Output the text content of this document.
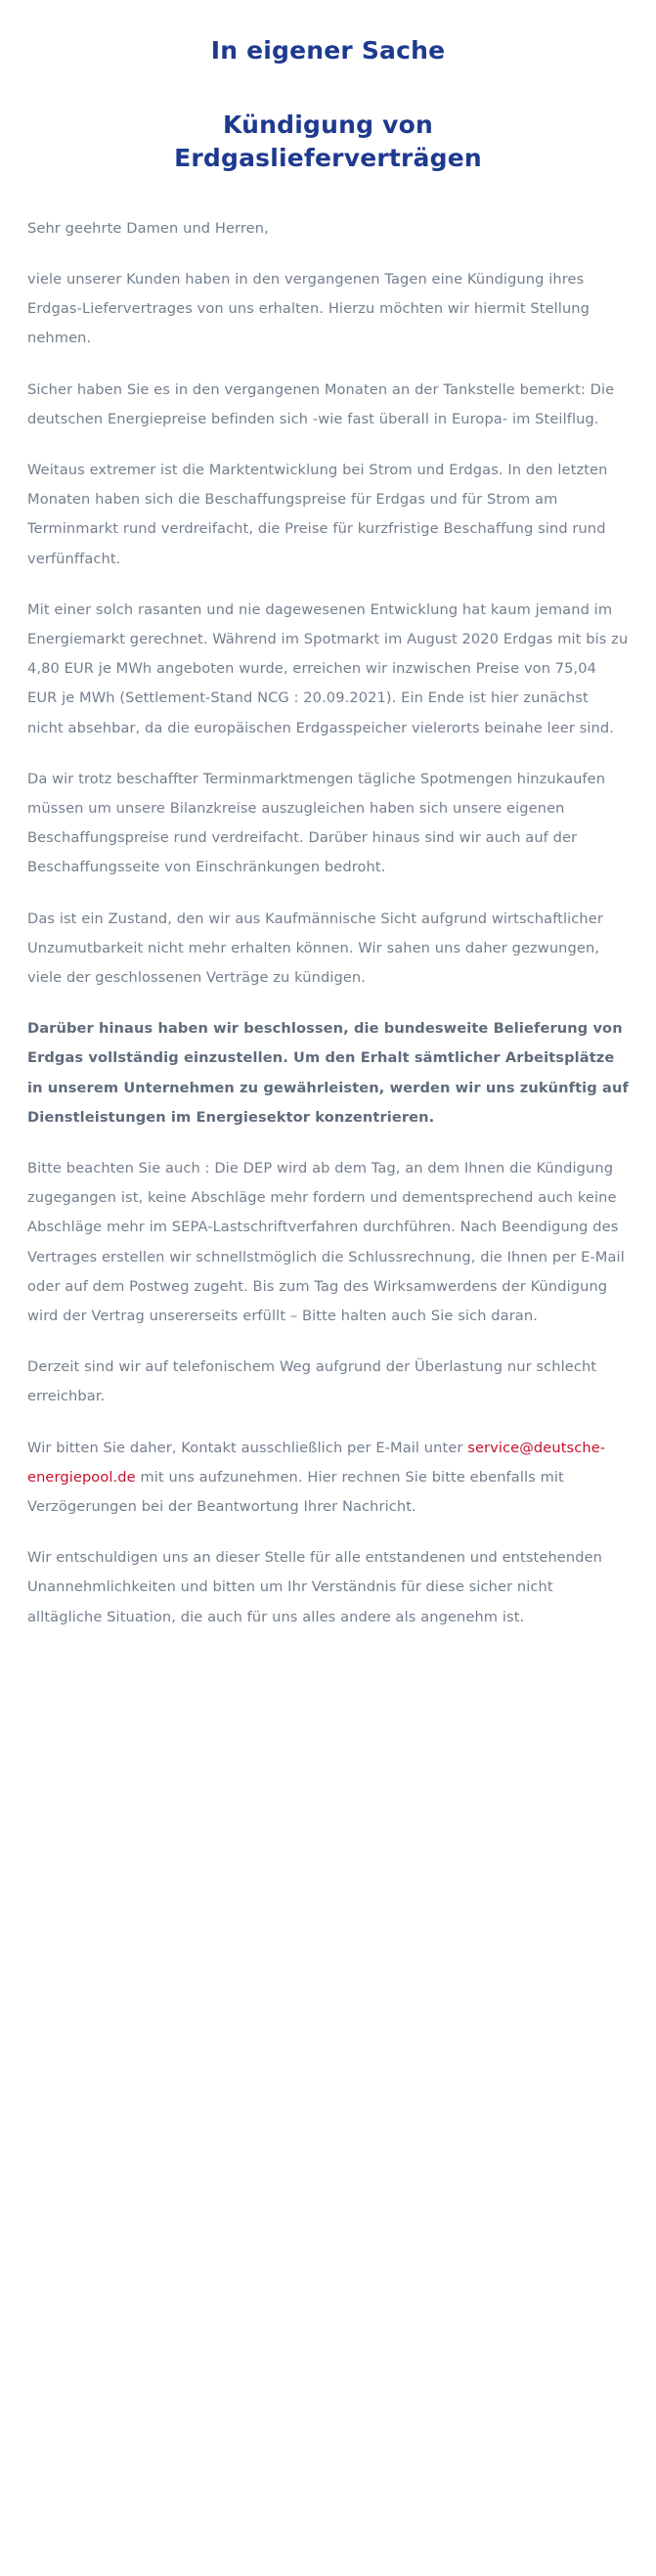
In eigener Sache
Kündigung von Erdgaslieferverträgen

Sehr geehrte Damen und Herren,

viele unserer Kunden haben in den vergangenen Tagen eine Kündigung ihres Erdgas-Liefervertrages von uns erhalten. Hierzu möchten wir hiermit Stellung nehmen.

Sicher haben Sie es in den vergangenen Monaten an der Tankstelle bemerkt: Die deutschen Energiepreise befinden sich -wie fast überall in Europa- im Steilflug.

Weitaus extremer ist die Marktentwicklung bei Strom und Erdgas. In den letzten Monaten haben sich die Beschaffungspreise für Erdgas und für Strom am Terminmarkt rund verdreifacht, die Preise für kurzfristige Beschaffung sind rund verfünffacht.

Mit einer solch rasanten und nie dagewesenen Entwicklung hat kaum jemand im Energiemarkt gerechnet. Während im Spotmarkt im August 2020 Erdgas mit bis zu 4,80 EUR je MWh angeboten wurde, erreichen wir inzwischen Preise von 75,04 EUR je MWh (Settlement-Stand NCG : 20.09.2021). Ein Ende ist hier zunächst nicht absehbar, da die europäischen Erdgasspeicher vielerorts beinahe leer sind.

Da wir trotz beschaffter Terminmarktmengen tägliche Spotmengen hinzukaufen müssen um unsere Bilanzkreise auszugleichen haben sich unsere eigenen Beschaffungspreise rund verdreifacht. Darüber hinaus sind wir auch auf der Beschaffungsseite von Einschränkungen bedroht.

Das ist ein Zustand, den wir aus Kaufmännische Sicht aufgrund wirtschaftlicher Unzumutbarkeit nicht mehr erhalten können. Wir sahen uns daher gezwungen, viele der geschlossenen Verträge zu kündigen.

Darüber hinaus haben wir beschlossen, die bundesweite Belieferung von Erdgas vollständig einzustellen. Um den Erhalt sämtlicher Arbeitsplätze in unserem Unternehmen zu gewährleisten, werden wir uns zukünftig auf Dienstleistungen im Energiesektor konzentrieren.

Bitte beachten Sie auch : Die DEP wird ab dem Tag, an dem Ihnen die Kündigung zugegangen ist, keine Abschläge mehr fordern und dementsprechend auch keine Abschläge mehr im SEPA-Lastschriftverfahren durchführen. Nach Beendigung des Vertrages erstellen wir schnellstmöglich die Schlussrechnung, die Ihnen per E-Mail oder auf dem Postweg zugeht. Bis zum Tag des Wirksamwerdens der Kündigung wird der Vertrag unsererseits erfüllt – Bitte halten auch Sie sich daran.

Derzeit sind wir auf telefonischem Weg aufgrund der Überlastung nur schlecht erreichbar.

Wir bitten Sie daher, Kontakt ausschließlich per E-Mail unter service@deutsche-energiepool.de mit uns aufzunehmen. Hier rechnen Sie bitte ebenfalls mit Verzögerungen bei der Beantwortung Ihrer Nachricht.

Wir entschuldigen uns an dieser Stelle für alle entstandenen und entstehenden Unannehmlichkeiten und bitten um Ihr Verständnis für diese sicher nicht alltägliche Situation, die auch für uns alles andere als angenehm ist.
